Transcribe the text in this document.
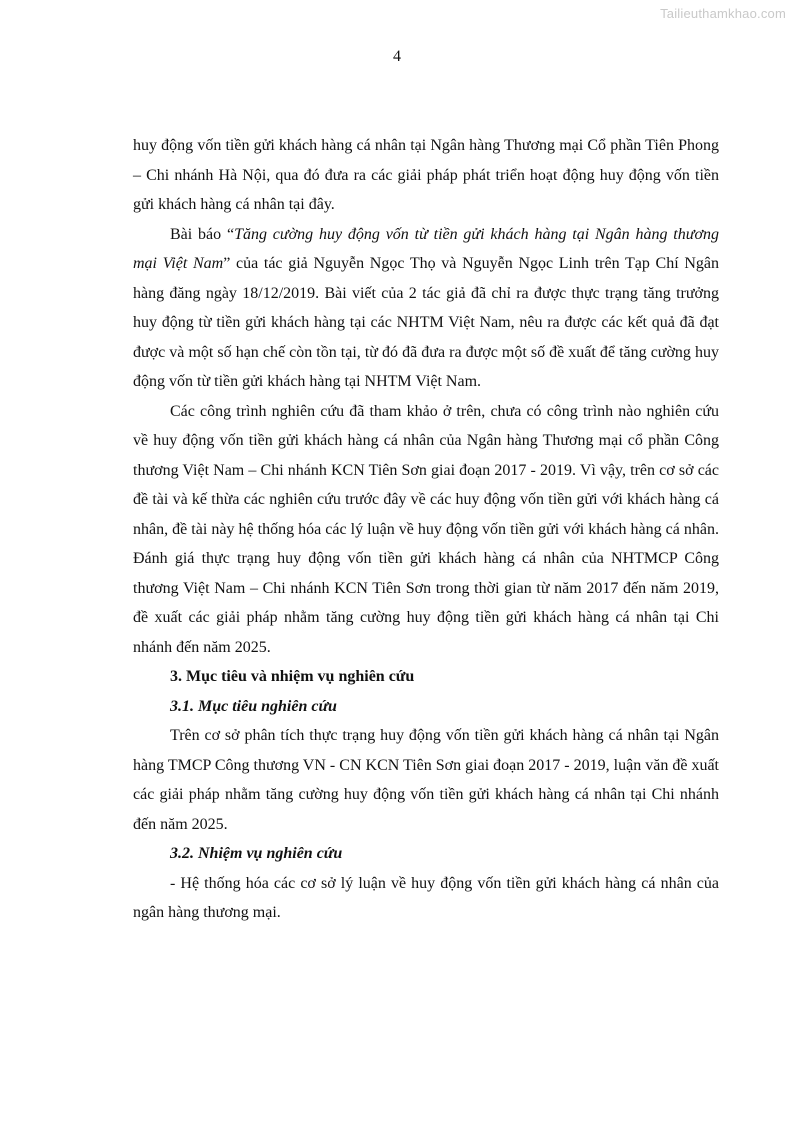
Tailieuthamkhao.com
4

huy động vốn tiền gửi khách hàng cá nhân tại Ngân hàng Thương mại Cổ phần Tiên Phong – Chi nhánh Hà Nội, qua đó đưa ra các giải pháp phát triển hoạt động huy động vốn tiền gửi khách hàng cá nhân tại đây.

Bài báo “Tăng cường huy động vốn từ tiền gửi khách hàng tại Ngân hàng thương mại Việt Nam” của tác giả Nguyễn Ngọc Thọ và Nguyễn Ngọc Linh trên Tạp Chí Ngân hàng đăng ngày 18/12/2019. Bài viết của 2 tác giả đã chỉ ra được thực trạng tăng trưởng huy động từ tiền gửi khách hàng tại các NHTM Việt Nam, nêu ra được các kết quả đã đạt được và một số hạn chế còn tồn tại, từ đó đã đưa ra được một số đề xuất để tăng cường huy động vốn từ tiền gửi khách hàng tại NHTM Việt Nam.

Các công trình nghiên cứu đã tham khảo ở trên, chưa có công trình nào nghiên cứu về huy động vốn tiền gửi khách hàng cá nhân của Ngân hàng Thương mại cổ phần Công thương Việt Nam – Chi nhánh KCN Tiên Sơn giai đoạn 2017 - 2019. Vì vậy, trên cơ sở các đề tài và kế thừa các nghiên cứu trước đây về các huy động vốn tiền gửi với khách hàng cá nhân, đề tài này hệ thống hóa các lý luận về huy động vốn tiền gửi với khách hàng cá nhân. Đánh giá thực trạng huy động vốn tiền gửi khách hàng cá nhân của NHTMCP Công thương Việt Nam – Chi nhánh KCN Tiên Sơn trong thời gian từ năm 2017 đến năm 2019, đề xuất các giải pháp nhằm tăng cường huy động tiền gửi khách hàng cá nhân tại Chi nhánh đến năm 2025.

3. Mục tiêu và nhiệm vụ nghiên cứu

3.1. Mục tiêu nghiên cứu

Trên cơ sở phân tích thực trạng huy động vốn tiền gửi khách hàng cá nhân tại Ngân hàng TMCP Công thương VN - CN KCN Tiên Sơn giai đoạn 2017 - 2019, luận văn đề xuất các giải pháp nhằm tăng cường huy động vốn tiền gửi khách hàng cá nhân tại Chi nhánh đến năm 2025.

3.2. Nhiệm vụ nghiên cứu

- Hệ thống hóa các cơ sở lý luận về huy động vốn tiền gửi khách hàng cá nhân của ngân hàng thương mại.
